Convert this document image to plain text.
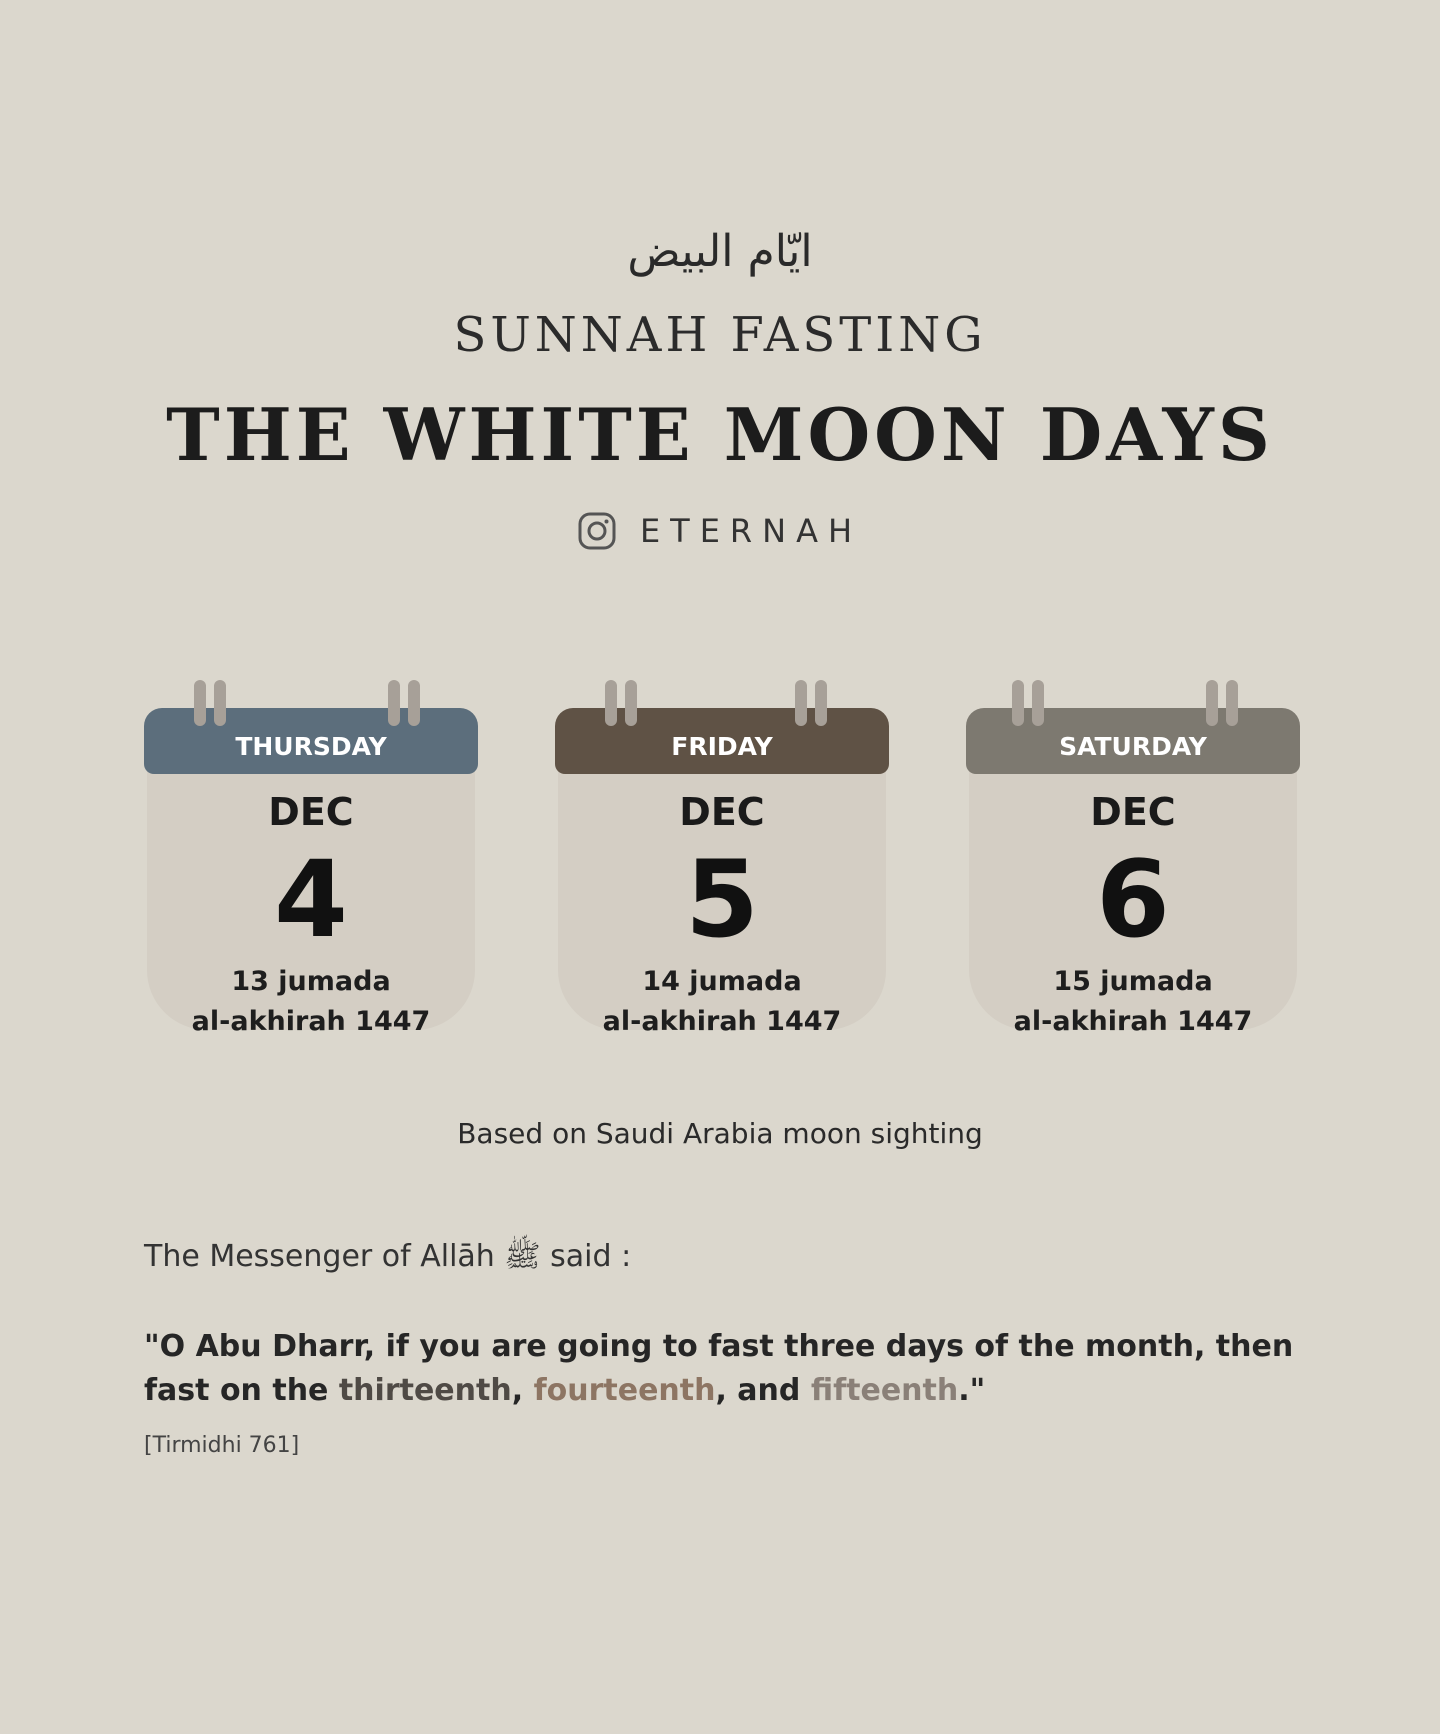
ايّام البيض
SUNNAH FASTING
THE WHITE MOON DAYS
ETERNAH
THURSDAY
DEC
4
13 jumada
al-akhirah 1447
FRIDAY
DEC
5
14 jumada
al-akhirah 1447
SATURDAY
DEC
6
15 jumada
al-akhirah 1447
Based on Saudi Arabia moon sighting
The Messenger of Allāh ﷺ said :
"O Abu Dharr, if you are going to fast three days of the month, then fast on the thirteenth, fourteenth, and fifteenth."
[Tirmidhi 761]
